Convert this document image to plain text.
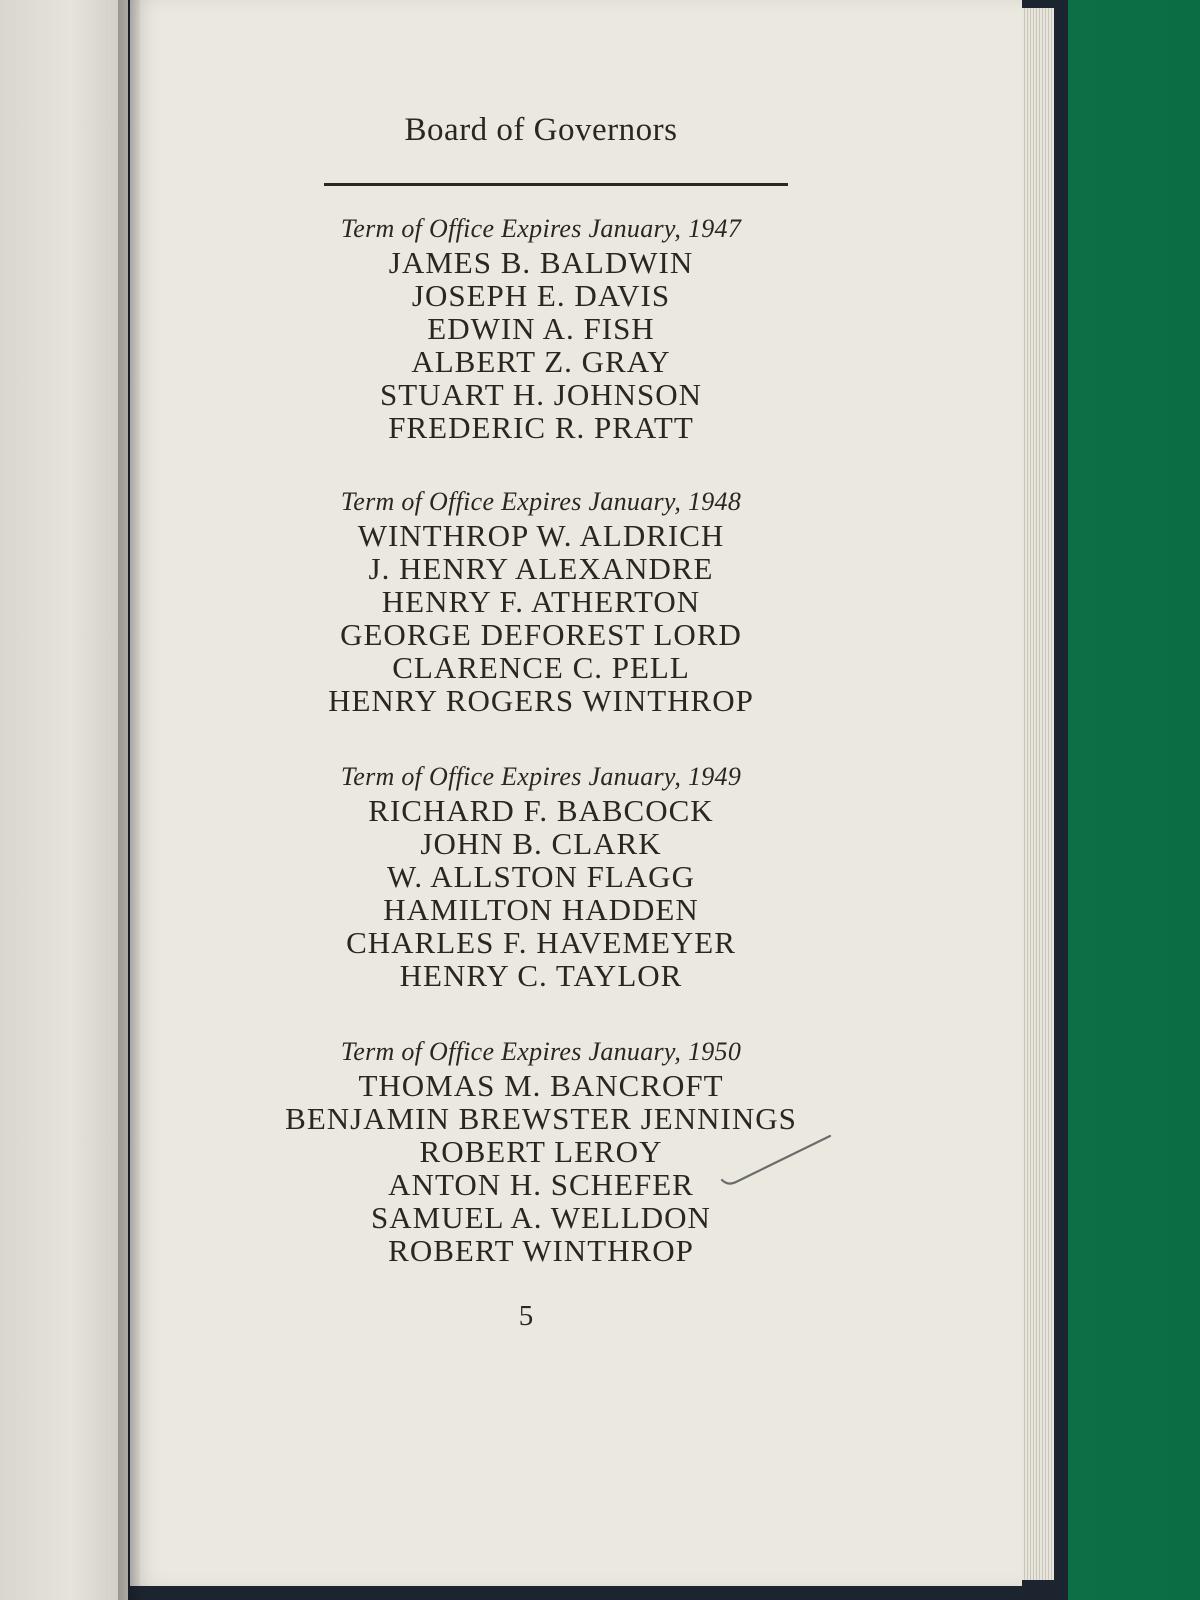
Board of Governors
Term of Office Expires January, 1947
JAMES B. BALDWIN
JOSEPH E. DAVIS
EDWIN A. FISH
ALBERT Z. GRAY
STUART H. JOHNSON
FREDERIC R. PRATT
Term of Office Expires January, 1948
WINTHROP W. ALDRICH
J. HENRY ALEXANDRE
HENRY F. ATHERTON
GEORGE DEFOREST LORD
CLARENCE C. PELL
HENRY ROGERS WINTHROP
Term of Office Expires January, 1949
RICHARD F. BABCOCK
JOHN B. CLARK
W. ALLSTON FLAGG
HAMILTON HADDEN
CHARLES F. HAVEMEYER
HENRY C. TAYLOR
Term of Office Expires January, 1950
THOMAS M. BANCROFT
BENJAMIN BREWSTER JENNINGS
ROBERT LEROY
ANTON H. SCHEFER
SAMUEL A. WELLDON
ROBERT WINTHROP
5
